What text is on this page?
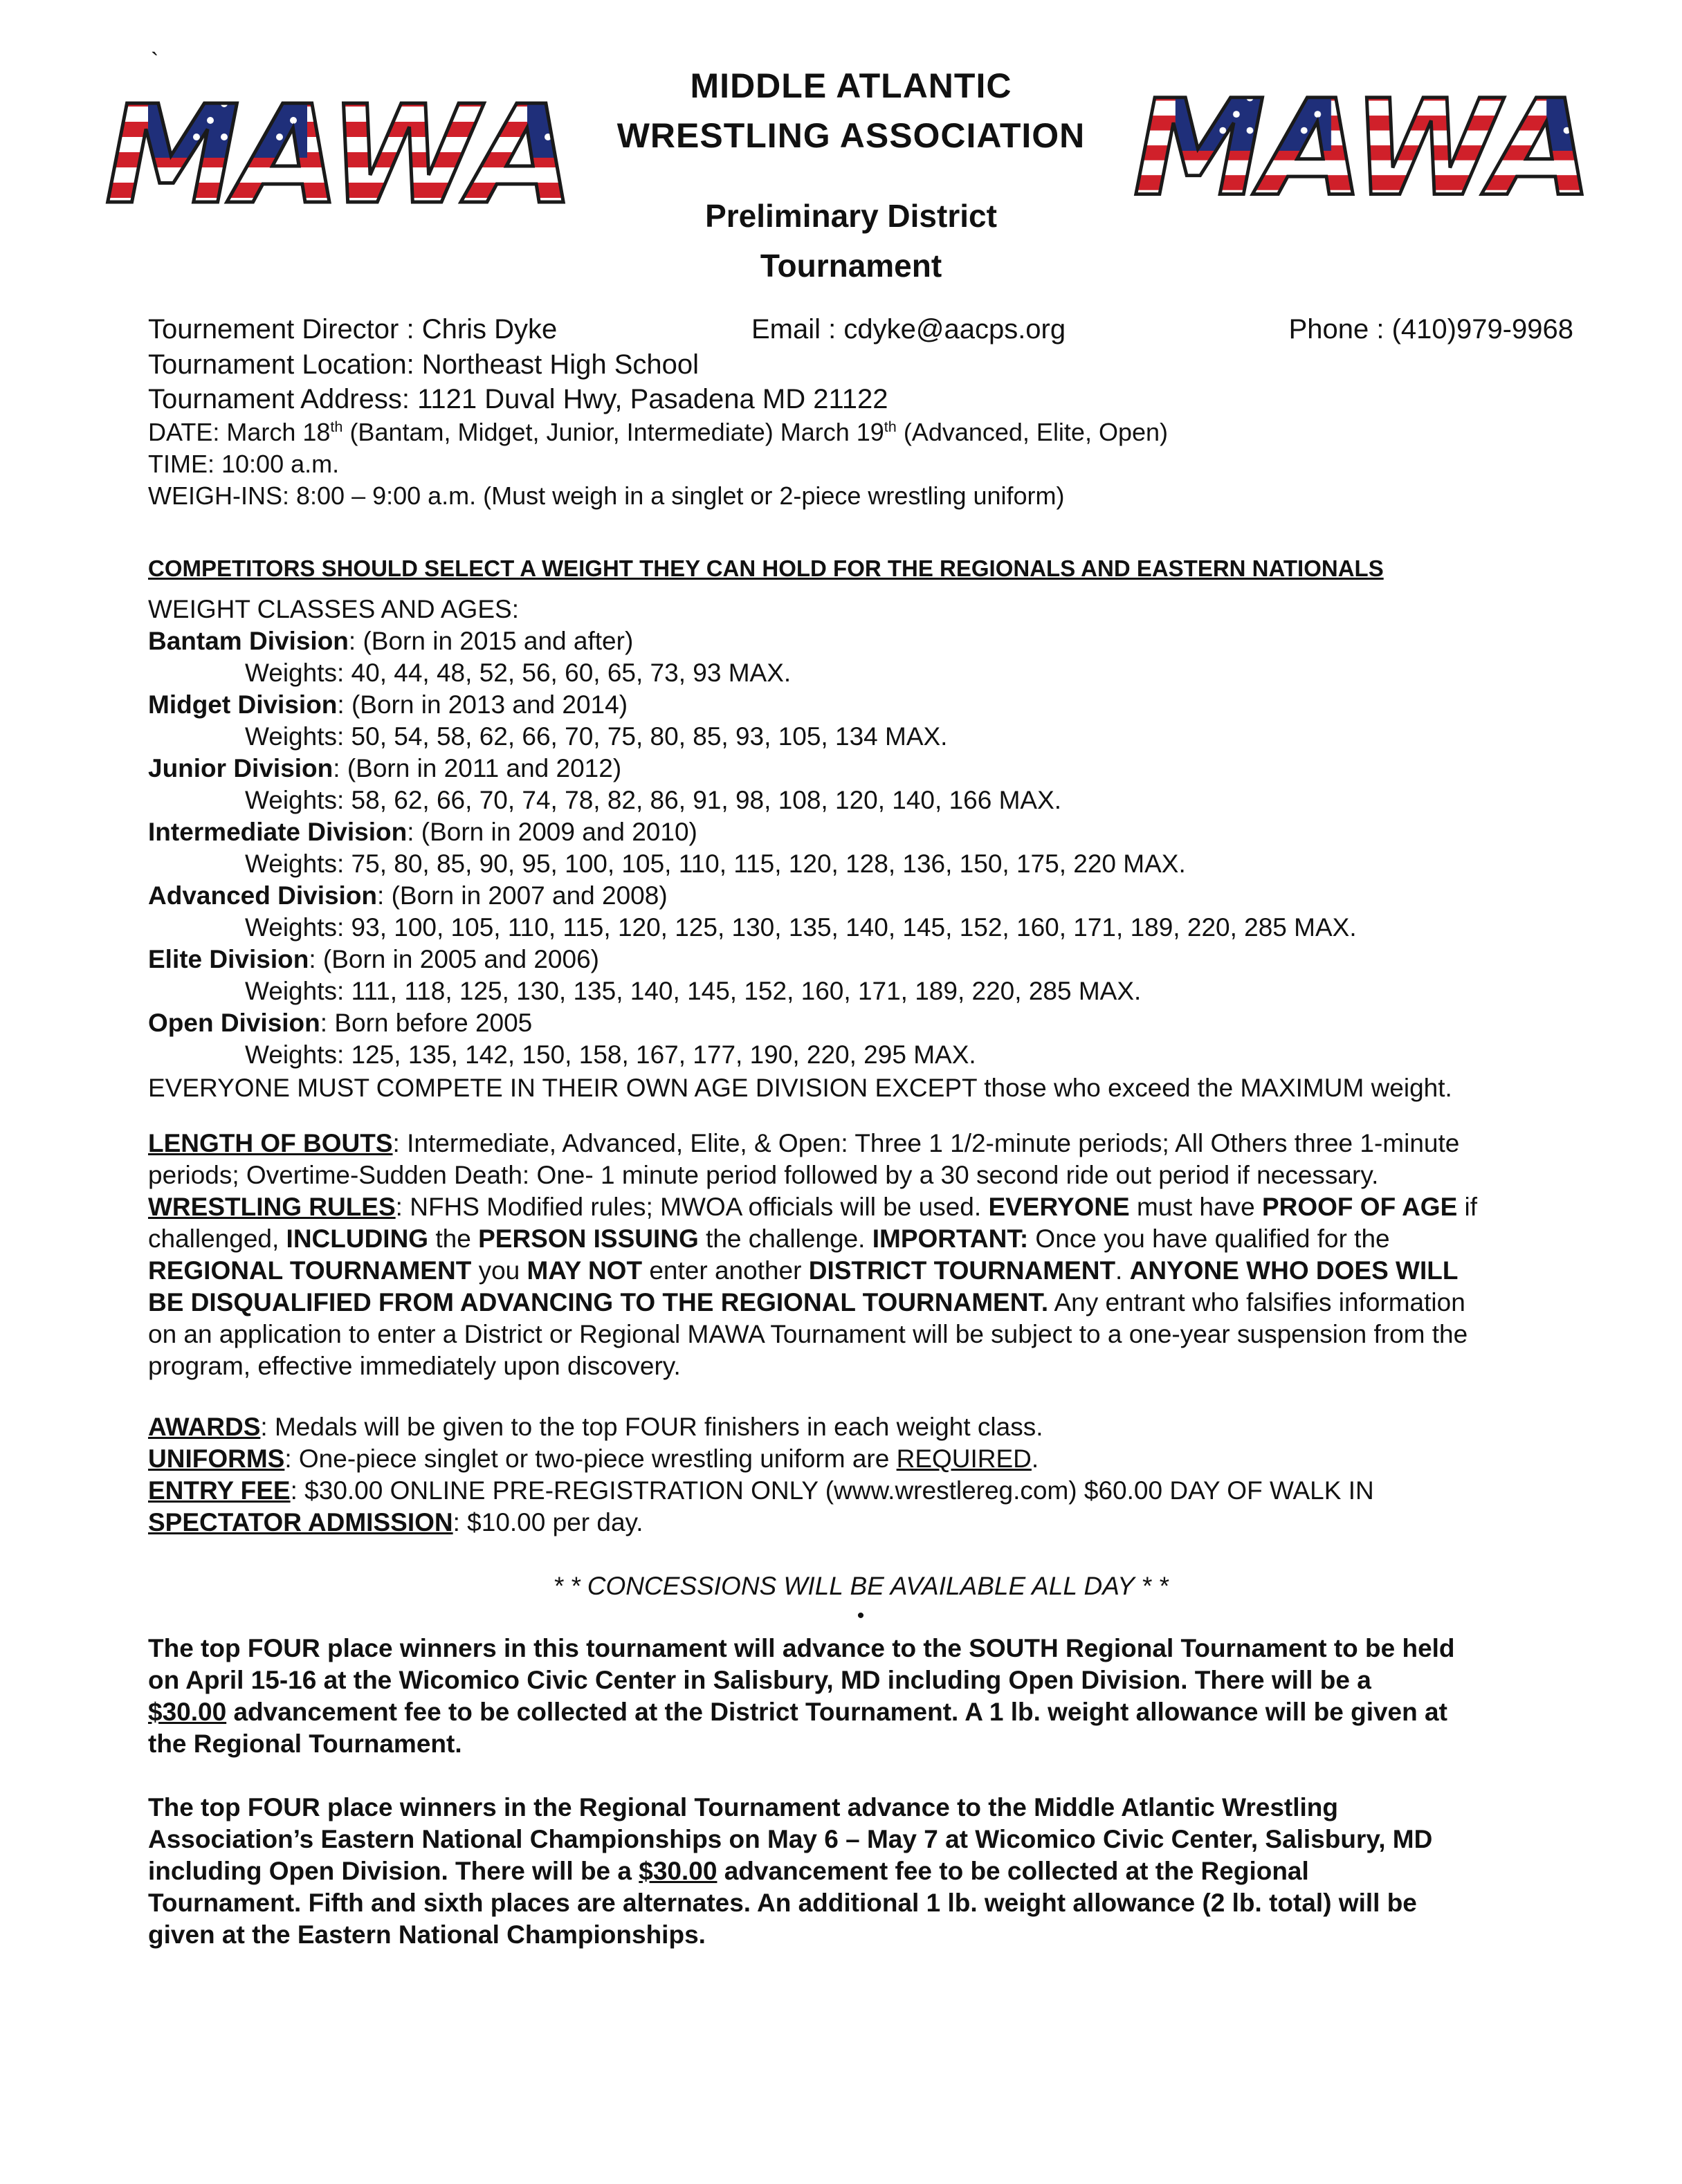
`
MAWA	MAWA
MIDDLE ATLANTIC
WRESTLING ASSOCIATION
Preliminary District
Tournament
Tournement Director : Chris Dyke	Email : cdyke@aacps.org	Phone : (410)979-9968
Tournament Location: Northeast High School
Tournament Address: 1121 Duval Hwy, Pasadena MD 21122
DATE: March 18th (Bantam, Midget, Junior, Intermediate) March 19th (Advanced, Elite, Open)
TIME: 10:00 a.m.
WEIGH-INS: 8:00 – 9:00 a.m. (Must weigh in a singlet or 2-piece wrestling uniform)
COMPETITORS SHOULD SELECT A WEIGHT THEY CAN HOLD FOR THE REGIONALS AND EASTERN NATIONALS
WEIGHT CLASSES AND AGES:
Bantam Division: (Born in 2015 and after)
Weights: 40, 44, 48, 52, 56, 60, 65, 73, 93 MAX.
Midget Division: (Born in 2013 and 2014)
Weights: 50, 54, 58, 62, 66, 70, 75, 80, 85, 93, 105, 134 MAX.
Junior Division: (Born in 2011 and 2012)
Weights: 58, 62, 66, 70, 74, 78, 82, 86, 91, 98, 108, 120, 140, 166 MAX.
Intermediate Division: (Born in 2009 and 2010)
Weights: 75, 80, 85, 90, 95, 100, 105, 110, 115, 120, 128, 136, 150, 175, 220 MAX.
Advanced Division: (Born in 2007 and 2008)
Weights: 93, 100, 105, 110, 115, 120, 125, 130, 135, 140, 145, 152, 160, 171, 189, 220, 285 MAX.
Elite Division: (Born in 2005 and 2006)
Weights: 111, 118, 125, 130, 135, 140, 145, 152, 160, 171, 189, 220, 285 MAX.
Open Division: Born before 2005
Weights: 125, 135, 142, 150, 158, 167, 177, 190, 220, 295 MAX.
EVERYONE MUST COMPETE IN THEIR OWN AGE DIVISION EXCEPT those who exceed the MAXIMUM weight.
LENGTH OF BOUTS: Intermediate, Advanced, Elite, & Open: Three 1 1/2-minute periods; All Others three 1-minute
periods; Overtime-Sudden Death: One- 1 minute period followed by a 30 second ride out period if necessary.
WRESTLING RULES: NFHS Modified rules; MWOA officials will be used. EVERYONE must have PROOF OF AGE if
challenged, INCLUDING the PERSON ISSUING the challenge. IMPORTANT: Once you have qualified for the
REGIONAL TOURNAMENT you MAY NOT enter another DISTRICT TOURNAMENT. ANYONE WHO DOES WILL
BE DISQUALIFIED FROM ADVANCING TO THE REGIONAL TOURNAMENT. Any entrant who falsifies information
on an application to enter a District or Regional MAWA Tournament will be subject to a one-year suspension from the
program, effective immediately upon discovery.
AWARDS: Medals will be given to the top FOUR finishers in each weight class.
UNIFORMS: One-piece singlet or two-piece wrestling uniform are REQUIRED.
ENTRY FEE: $30.00 ONLINE PRE-REGISTRATION ONLY (www.wrestlereg.com) $60.00 DAY OF WALK IN
SPECTATOR ADMISSION: $10.00 per day.
* * CONCESSIONS WILL BE AVAILABLE ALL DAY * *
•
The top FOUR place winners in this tournament will advance to the SOUTH Regional Tournament to be held
on April 15-16 at the Wicomico Civic Center in Salisbury, MD including Open Division. There will be a
$30.00 advancement fee to be collected at the District Tournament. A 1 lb. weight allowance will be given at
the Regional Tournament.
The top FOUR place winners in the Regional Tournament advance to the Middle Atlantic Wrestling
Association’s Eastern National Championships on May 6 – May 7 at Wicomico Civic Center, Salisbury, MD
including Open Division. There will be a $30.00 advancement fee to be collected at the Regional
Tournament. Fifth and sixth places are alternates. An additional 1 lb. weight allowance (2 lb. total) will be
given at the Eastern National Championships.
